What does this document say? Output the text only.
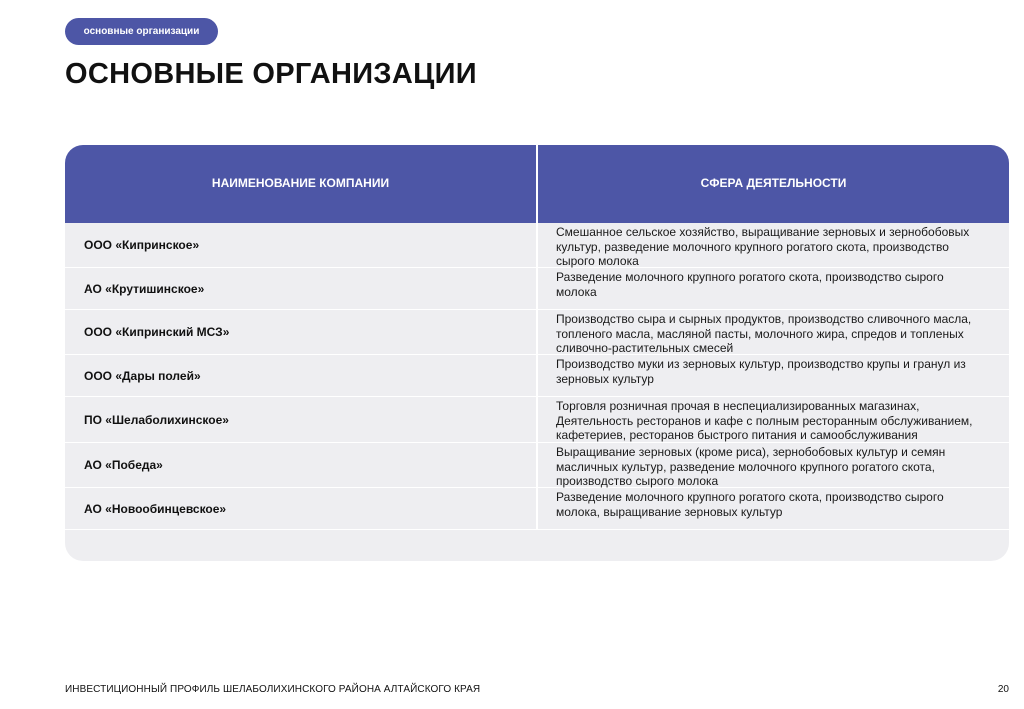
основные организации
ОСНОВНЫЕ ОРГАНИЗАЦИИ
НАИМЕНОВАНИЕ КОМПАНИИ	СФЕРА ДЕЯТЕЛЬНОСТИ
ООО «Кипринское»
Смешанное сельское хозяйство, выращивание зерновых и зернобобовых
культур, разведение молочного крупного рогатого скота, производство
сырого молока
АО «Крутишинское»
Разведение молочного крупного рогатого скота, производство сырого
молока
ООО «Кипринский МСЗ»
Производство сыра и сырных продуктов, производство сливочного масла,
топленого масла, масляной пасты, молочного жира, спредов и топленых
сливочно-растительных смесей
ООО «Дары полей»
Производство муки из зерновых культур, производство крупы и гранул из
зерновых культур
ПО «Шелаболихинское»
Торговля розничная прочая в неспециализированных магазинах,
Деятельность ресторанов и кафе с полным ресторанным обслуживанием,
кафетериев, ресторанов быстрого питания и самообслуживания
АО «Победа»
Выращивание зерновых (кроме риса), зернобобовых культур и семян
масличных культур, разведение молочного крупного рогатого скота,
производство сырого молока
АО «Новообинцевское»
Разведение молочного крупного рогатого скота, производство сырого
молока, выращивание зерновых культур
ИНВЕСТИЦИОННЫЙ ПРОФИЛЬ ШЕЛАБОЛИХИНСКОГО РАЙОНА АЛТАЙСКОГО КРАЯ	20
